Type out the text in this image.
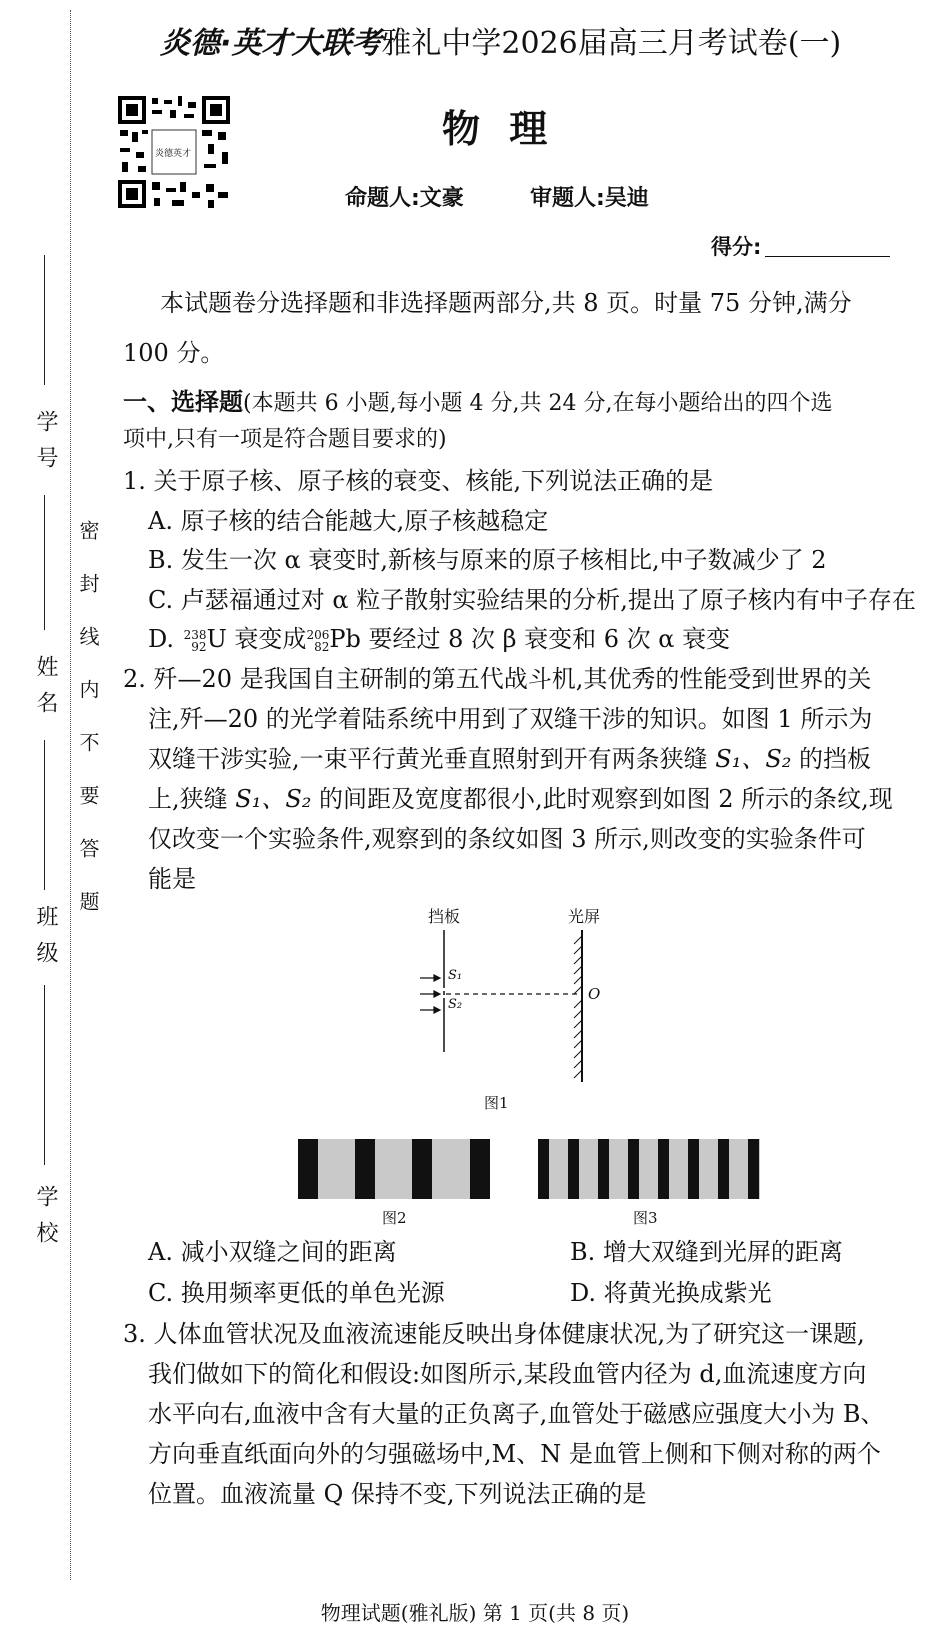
学号
姓名
班级
学校
密封线内不要答题
炎德·英才大联考雅礼中学2026届高三月考试卷(一)
炎德英才
物 理
命题人:文豪	审题人:吴迪
得分:
本试题卷分选择题和非选择题两部分,共 8 页。时量 75 分钟,满分
100 分。
一、选择题(本题共 6 小题,每小题 4 分,共 24 分,在每小题给出的四个选
项中,只有一项是符合题目要求的)
1. 关于原子核、原子核的衰变、核能,下列说法正确的是
A. 原子核的结合能越大,原子核越稳定
B. 发生一次 α 衰变时,新核与原来的原子核相比,中子数减少了 2
C. 卢瑟福通过对 α 粒子散射实验结果的分析,提出了原子核内有中子存在
D. 238
92 U 衰变成 206
82 Pb 要经过 8 次 β 衰变和 6 次 α 衰变
2. 歼—20 是我国自主研制的第五代战斗机,其优秀的性能受到世界的关
注,歼—20 的光学着陆系统中用到了双缝干涉的知识。如图 1 所示为
双缝干涉实验,一束平行黄光垂直照射到开有两条狭缝 S₁、S₂ 的挡板
上,狭缝 S₁、S₂ 的间距及宽度都很小,此时观察到如图 2 所示的条纹,现
仅改变一个实验条件,观察到的条纹如图 3 所示,则改变的实验条件可
能是
挡板	光屏
S₁
S₂
O
图1
图2	图3
A. 减小双缝之间的距离	B. 增大双缝到光屏的距离
C. 换用频率更低的单色光源	D. 将黄光换成紫光
3. 人体血管状况及血液流速能反映出身体健康状况,为了研究这一课题,
我们做如下的简化和假设:如图所示,某段血管内径为 d,血流速度方向
水平向右,血液中含有大量的正负离子,血管处于磁感应强度大小为 B、
方向垂直纸面向外的匀强磁场中,M、N 是血管上侧和下侧对称的两个
位置。血液流量 Q 保持不变,下列说法正确的是
物理试题(雅礼版) 第 1 页(共 8 页)
